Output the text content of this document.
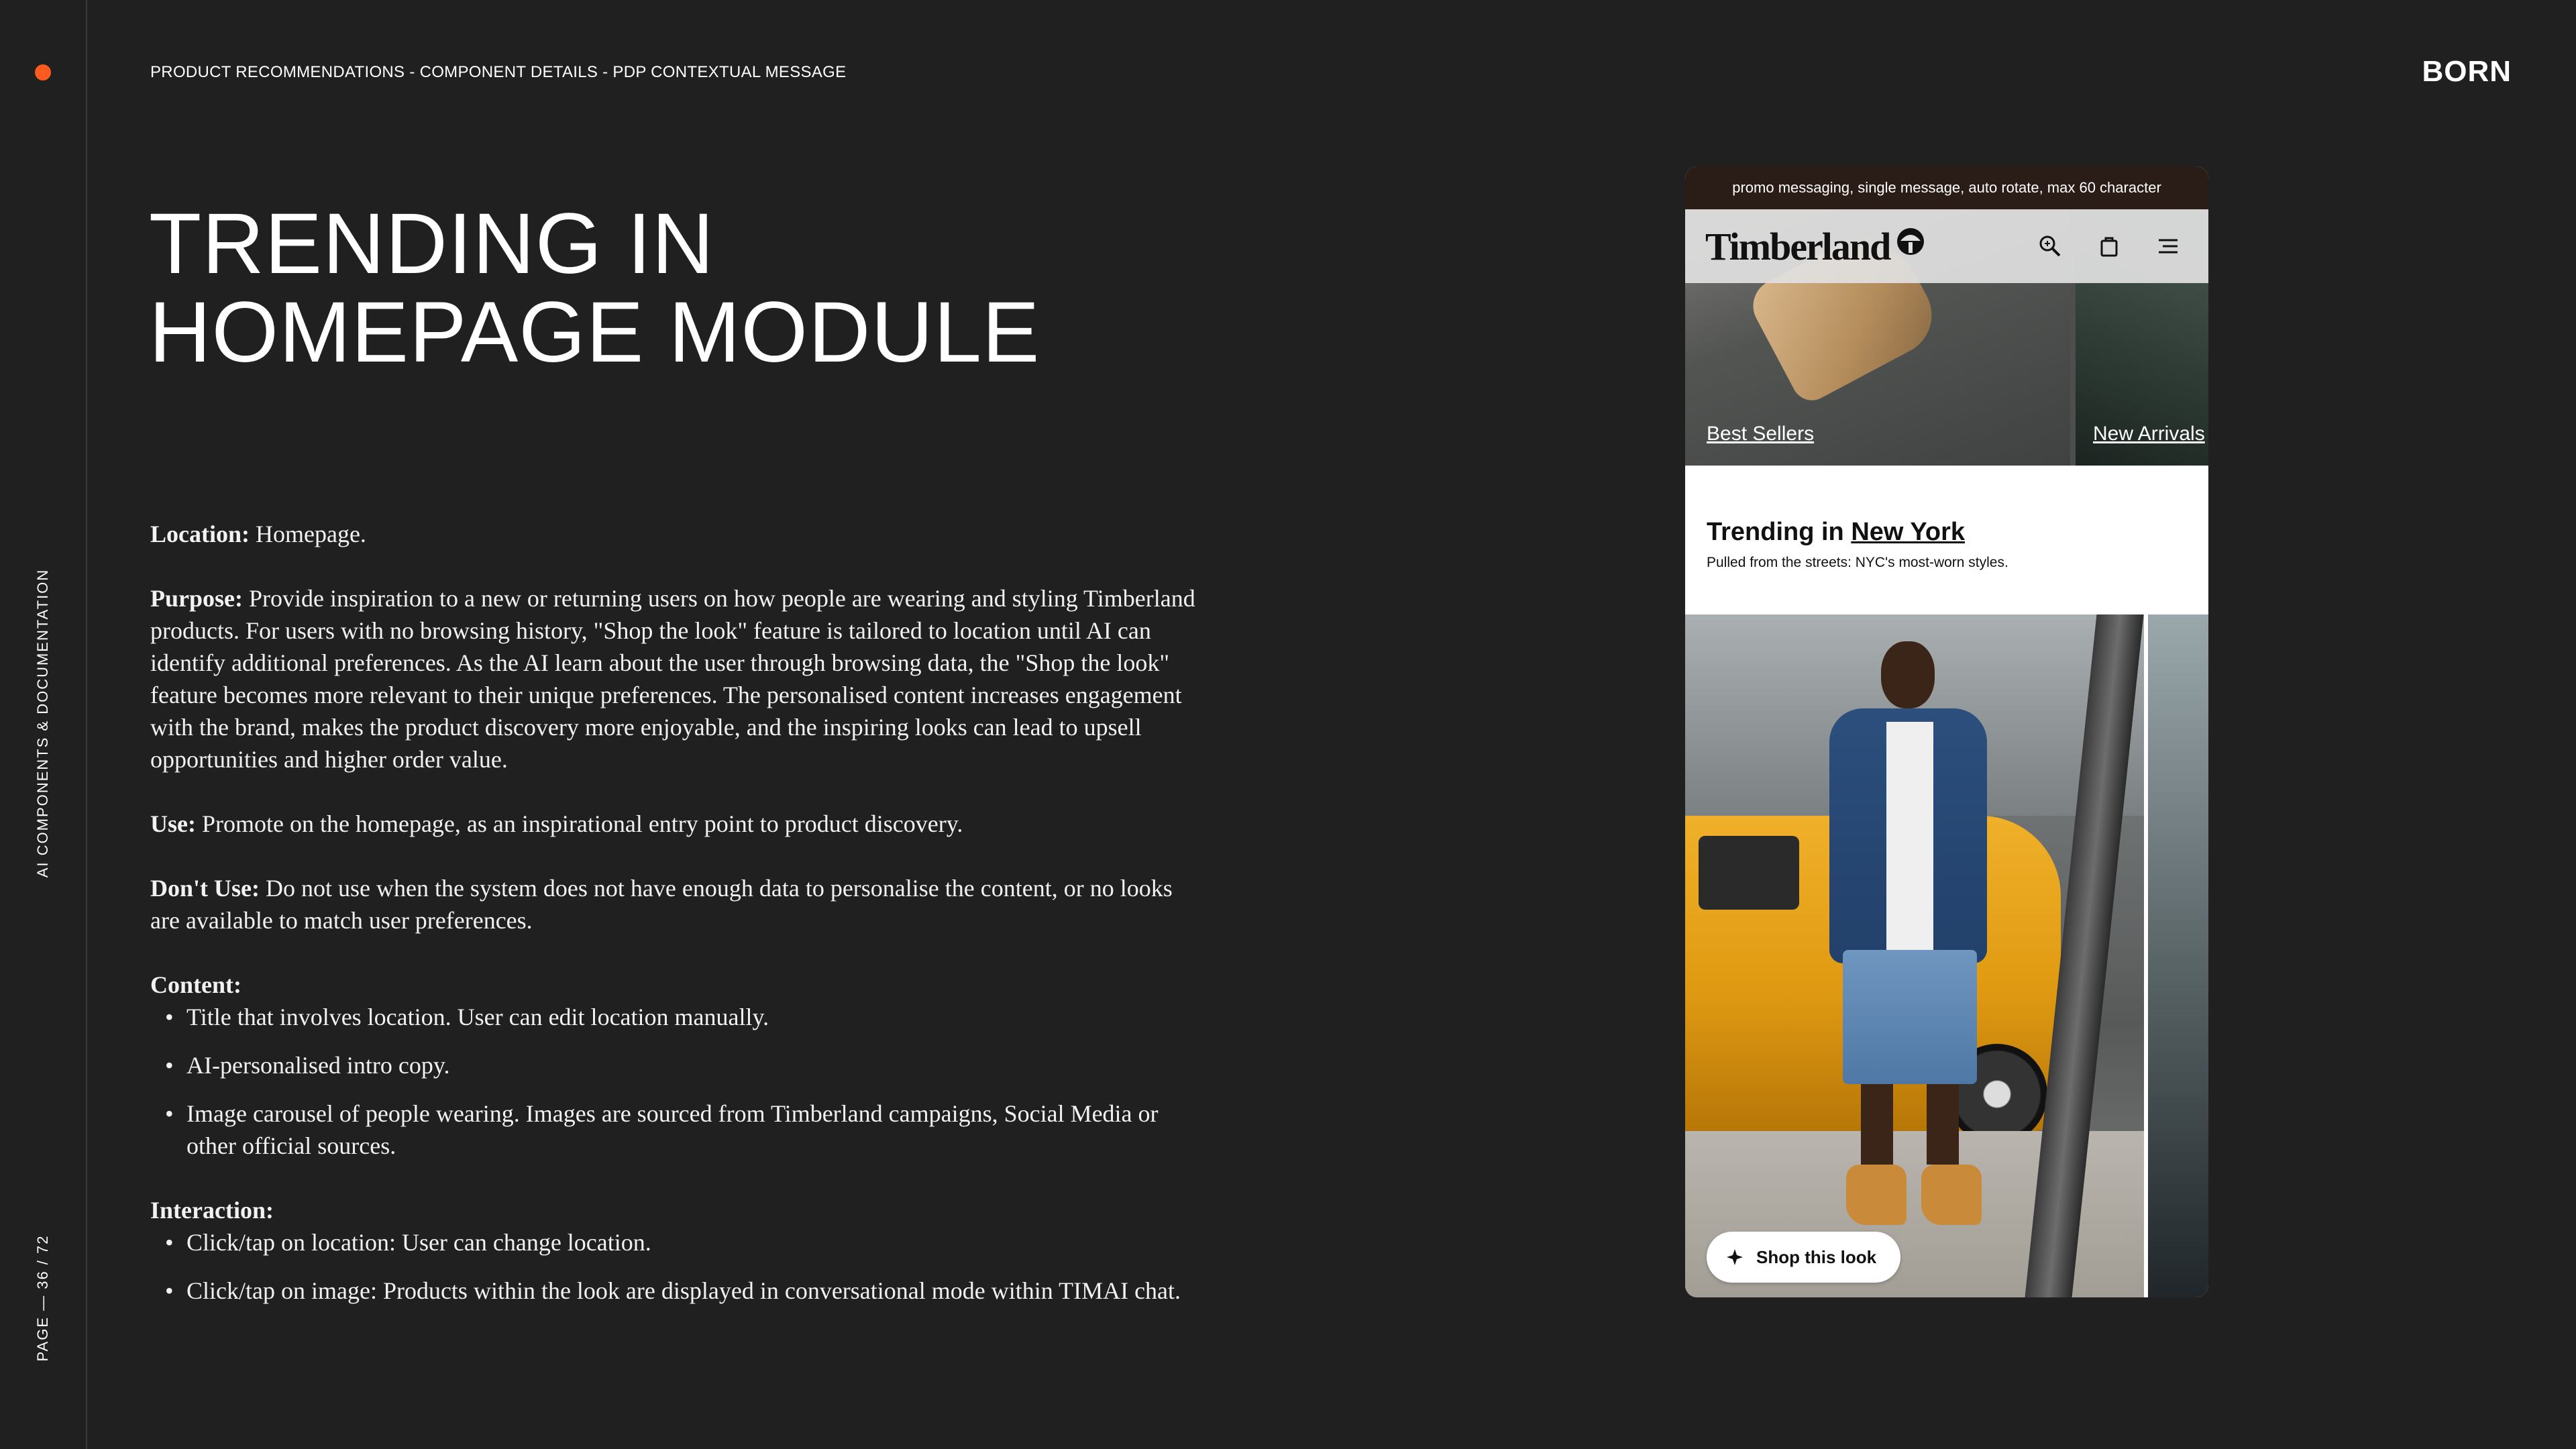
AI COMPONENTS & DOCUMENTATION
PAGE — 36 / 72
PRODUCT RECOMMENDATIONS - COMPONENT DETAILS - PDP CONTEXTUAL MESSAGE	BORN
TRENDING IN
HOMEPAGE MODULE

Location: Homepage.

Purpose: Provide inspiration to a new or returning users on how people are wearing and styling Timberland products. For users with no browsing history, "Shop the look" feature is tailored to location until AI can identify additional preferences. As the AI learn about the user through browsing data, the "Shop the look" feature becomes more relevant to their unique preferences. The personalised content increases engagement with the brand, makes the product discovery more enjoyable, and the inspiring looks can lead to upsell opportunities and higher order value.

Use: Promote on the homepage, as an inspirational entry point to product discovery.

Don't Use: Do not use when the system does not have enough data to personalise the content, or no looks are available to match user preferences.

Content:

• Title that involves location. User can edit location manually.
• AI-personalised intro copy.
• Image carousel of people wearing. Images are sourced from Timberland campaigns, Social Media or other official sources.

Interaction:

• Click/tap on location: User can change location.
• Click/tap on image: Products within the look are displayed in conversational mode within TIMAI chat.
promo messaging, single message, auto rotate, max 60 character
Timberland
Best Sellers	New Arrivals

Trending in New York

Pulled from the streets: NYC's most-worn styles.
Shop this look
